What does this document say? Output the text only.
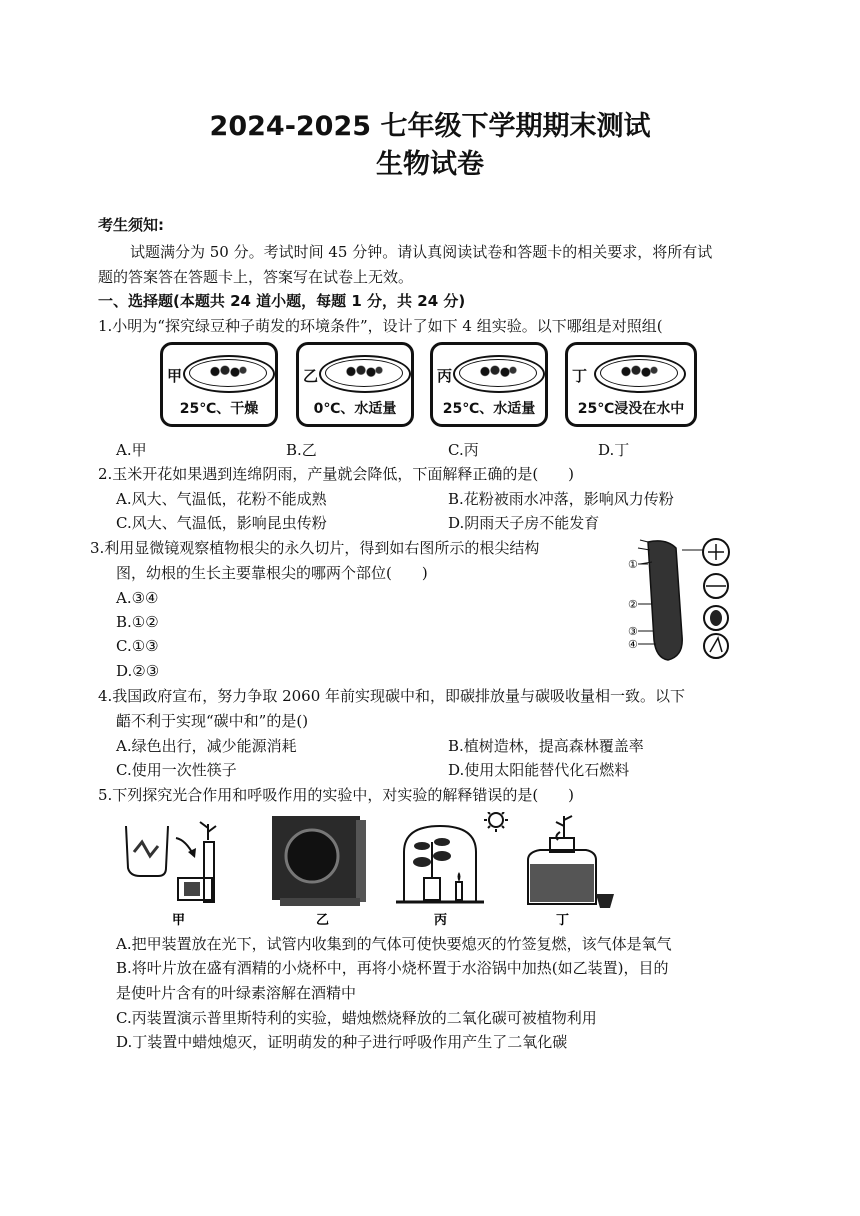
2024-2025 七年级下学期期末测试
生物试卷
考生须知:
试题满分为 50 分。考试时间 45 分钟。请认真阅读试卷和答题卡的相关要求，将所有试
题的答案答在答题卡上，答案写在试卷上无效。
一、选择题(本题共 24 道小题，每题 1 分，共 24 分)
1.小明为“探究绿豆种子萌发的环境条件”，设计了如下 4 组实验。以下哪组是对照组(
甲
25℃、干燥
乙
0℃、水适量
丙
25℃、水适量
丁
25℃浸没在水中
A.甲	B.乙	C.丙	D.丁
2.玉米开花如果遇到连绵阴雨，产量就会降低，下面解释正确的是(　　)
A.风大、气温低，花粉不能成熟	B.花粉被雨水冲落，影响风力传粉
C.风大、气温低，影响昆虫传粉	D.阴雨天子房不能发育
3.利用显微镜观察植物根尖的永久切片，得到如右图所示的根尖结构
图，幼根的生长主要靠根尖的哪两个部位(　　)
A.③④
B.①②
C.①③
D.②③
①
②
③
④
4.我国政府宣布，努力争取 2060 年前实现碳中和，即碳排放量与碳吸收量相一致。以下
齬不利于实现“碳中和”的是()
A.绿色出行，减少能源消耗	B.植树造林，提高森林覆盖率
C.使用一次性筷子	D.使用太阳能替代化石燃料
5.下列探究光合作用和呼吸作用的实验中，对实验的解释错误的是(　　)
甲	乙	丙	丁
A.把甲装置放在光下，试管内收集到的气体可使快要熄灭的竹签复燃，该气体是氧气
B.将叶片放在盛有酒精的小烧杯中，再将小烧杯置于水浴锅中加热(如乙装置)，目的
是使叶片含有的叶绿素溶解在酒精中
C.丙装置演示普里斯特利的实验，蜡烛燃烧释放的二氧化碳可被植物利用
D.丁装置中蜡烛熄灭，证明萌发的种子进行呼吸作用产生了二氧化碳
